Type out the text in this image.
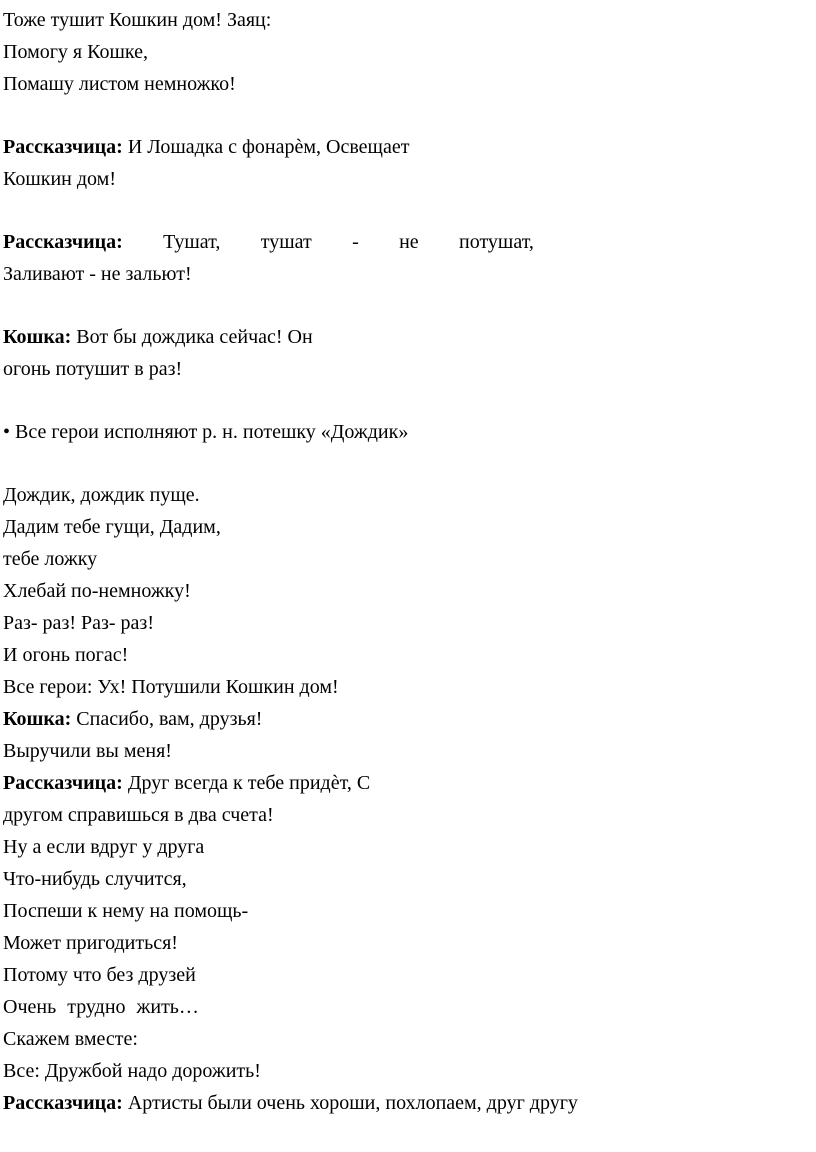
Тоже тушит Кошкин дом! Заяц:
Помогу я Кошке,
Помашу листом немножко!
Рассказчица: И Лошадка с фонарѐм, Освещает
Кошкин дом!
Рассказчица: Тушат, тушат - не потушат,
Заливают - не зальют!
Кошка: Вот бы дождика сейчас! Он
огонь потушит в раз!
• Все герои исполняют р. н. потешку «Дождик»
Дождик, дождик пуще.
Дадим тебе гущи, Дадим,
тебе ложку
Хлебай по-немножку!
Раз- раз! Раз- раз!
И огонь погас!
Все герои: Ух! Потушили Кошкин дом!
Кошка: Спасибо, вам, друзья!
Выручили вы меня!
Рассказчица: Друг всегда к тебе придѐт, С
другом справишься в два счета!
Ну а если вдруг у друга
Что-нибудь случится,
Поспеши к нему на помощь-
Может пригодиться!
Потому что без друзей
Очень трудно жить…
Скажем вместе:
Все: Дружбой надо дорожить!
Рассказчица: Артисты были очень хороши, похлопаем, друг другу
